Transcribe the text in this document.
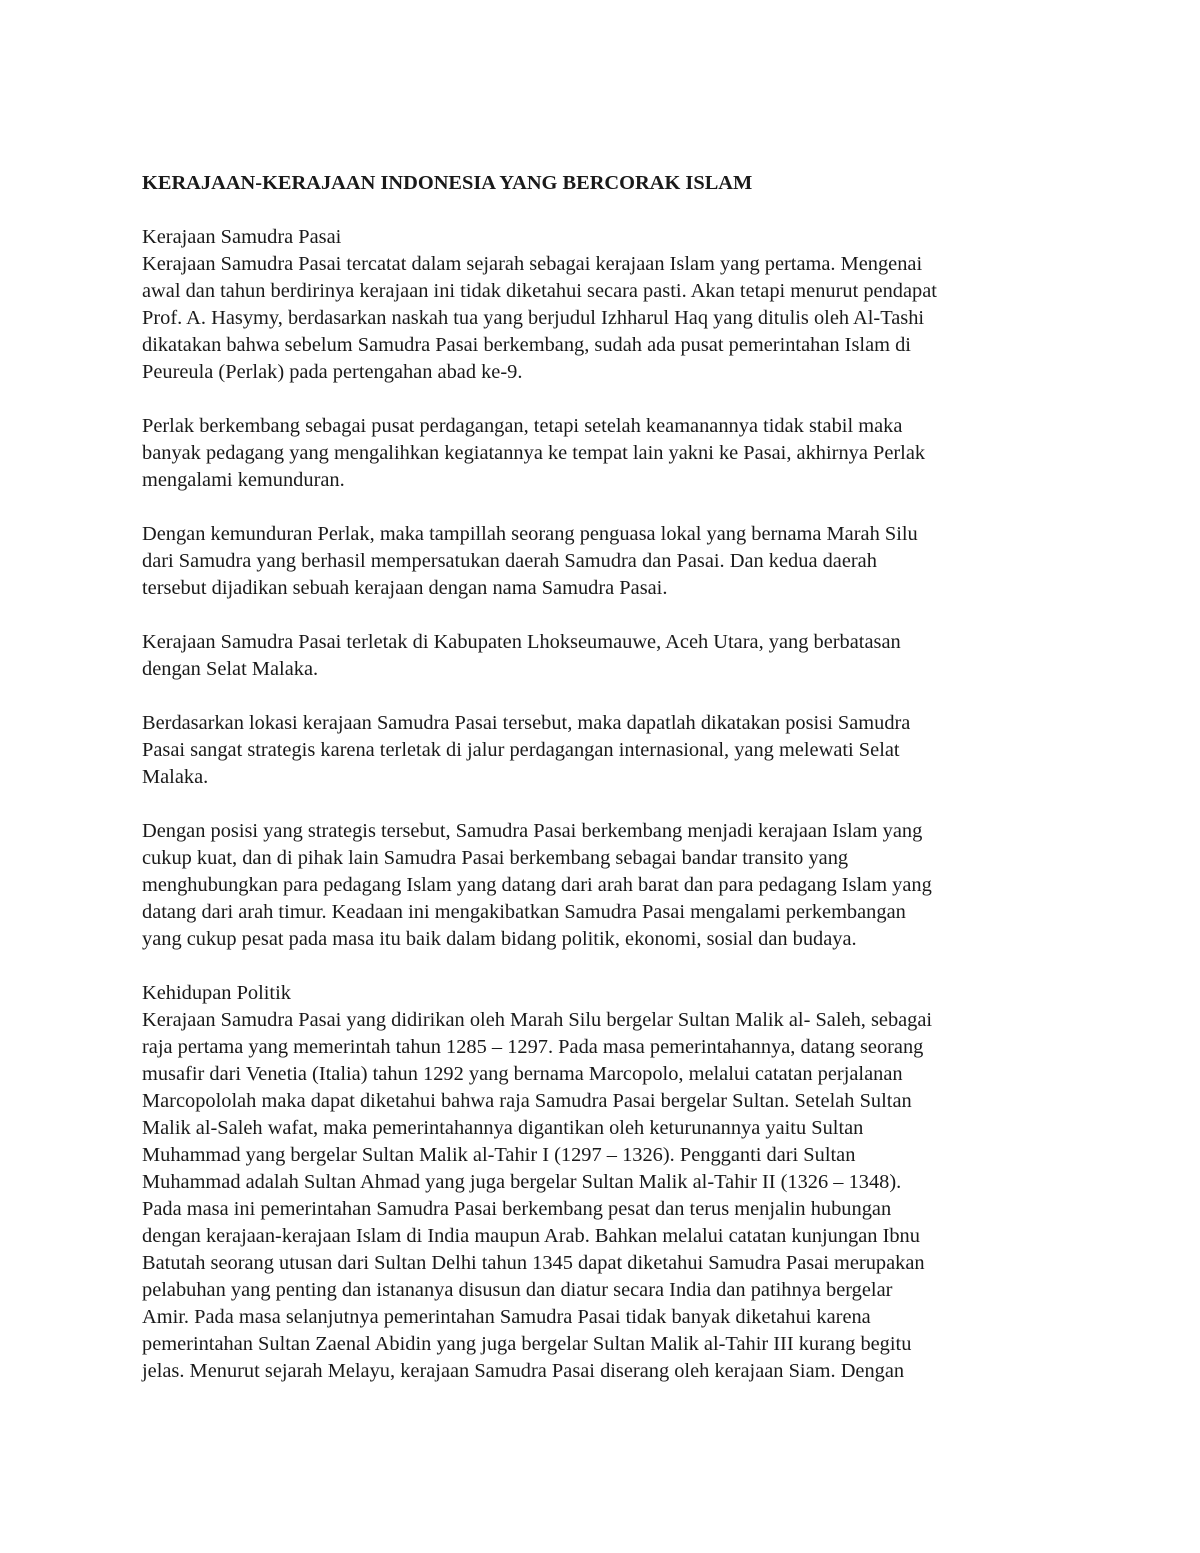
KERAJAAN-KERAJAAN INDONESIA YANG BERCORAK ISLAM
Kerajaan Samudra Pasai
Kerajaan Samudra Pasai tercatat dalam sejarah sebagai kerajaan Islam yang pertama. Mengenai
awal dan tahun berdirinya kerajaan ini tidak diketahui secara pasti. Akan tetapi menurut pendapat
Prof. A. Hasymy, berdasarkan naskah tua yang berjudul Izhharul Haq yang ditulis oleh Al-Tashi
dikatakan bahwa sebelum Samudra Pasai berkembang, sudah ada pusat pemerintahan Islam di
Peureula (Perlak) pada pertengahan abad ke-9.
Perlak berkembang sebagai pusat perdagangan, tetapi setelah keamanannya tidak stabil maka
banyak pedagang yang mengalihkan kegiatannya ke tempat lain yakni ke Pasai, akhirnya Perlak
mengalami kemunduran.
Dengan kemunduran Perlak, maka tampillah seorang penguasa lokal yang bernama Marah Silu
dari Samudra yang berhasil mempersatukan daerah Samudra dan Pasai. Dan kedua daerah
tersebut dijadikan sebuah kerajaan dengan nama Samudra Pasai.
Kerajaan Samudra Pasai terletak di Kabupaten Lhokseumauwe, Aceh Utara, yang berbatasan
dengan Selat Malaka.
Berdasarkan lokasi kerajaan Samudra Pasai tersebut, maka dapatlah dikatakan posisi Samudra
Pasai sangat strategis karena terletak di jalur perdagangan internasional, yang melewati Selat
Malaka.
Dengan posisi yang strategis tersebut, Samudra Pasai berkembang menjadi kerajaan Islam yang
cukup kuat, dan di pihak lain Samudra Pasai berkembang sebagai bandar transito yang
menghubungkan para pedagang Islam yang datang dari arah barat dan para pedagang Islam yang
datang dari arah timur. Keadaan ini mengakibatkan Samudra Pasai mengalami perkembangan
yang cukup pesat pada masa itu baik dalam bidang politik, ekonomi, sosial dan budaya.
Kehidupan Politik
Kerajaan Samudra Pasai yang didirikan oleh Marah Silu bergelar Sultan Malik al- Saleh, sebagai
raja pertama yang memerintah tahun 1285 – 1297. Pada masa pemerintahannya, datang seorang
musafir dari Venetia (Italia) tahun 1292 yang bernama Marcopolo, melalui catatan perjalanan
Marcopololah maka dapat diketahui bahwa raja Samudra Pasai bergelar Sultan. Setelah Sultan
Malik al-Saleh wafat, maka pemerintahannya digantikan oleh keturunannya yaitu Sultan
Muhammad yang bergelar Sultan Malik al-Tahir I (1297 – 1326). Pengganti dari Sultan
Muhammad adalah Sultan Ahmad yang juga bergelar Sultan Malik al-Tahir II (1326 – 1348).
Pada masa ini pemerintahan Samudra Pasai berkembang pesat dan terus menjalin hubungan
dengan kerajaan-kerajaan Islam di India maupun Arab. Bahkan melalui catatan kunjungan Ibnu
Batutah seorang utusan dari Sultan Delhi tahun 1345 dapat diketahui Samudra Pasai merupakan
pelabuhan yang penting dan istananya disusun dan diatur secara India dan patihnya bergelar
Amir. Pada masa selanjutnya pemerintahan Samudra Pasai tidak banyak diketahui karena
pemerintahan Sultan Zaenal Abidin yang juga bergelar Sultan Malik al-Tahir III kurang begitu
jelas. Menurut sejarah Melayu, kerajaan Samudra Pasai diserang oleh kerajaan Siam. Dengan
